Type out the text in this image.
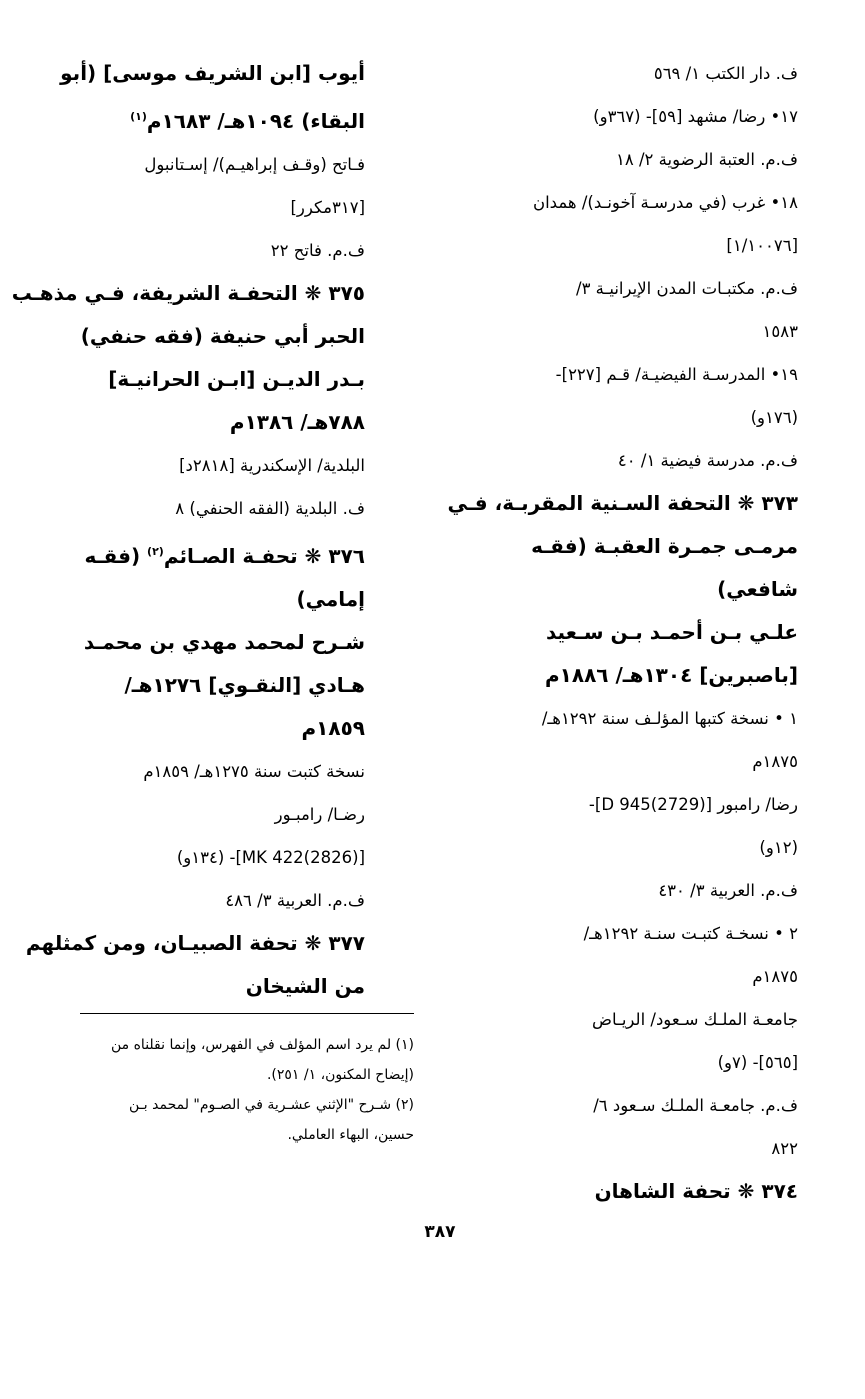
ف. دار الكتب ١/ ٥٦٩
١٧• رضا/ مشهد [٥٩]- (٣٦٧و)
ف.م. العتبة الرضوية ٢/ ١٨
١٨• غرب (في مدرسـة آخونـد)/ همدان
[١/١٠٠٧٦]
ف.م. مكتبـات المدن الإيرانيـة ٣/
١٥٨٣
١٩• المدرسـة الفيضيـة/ قـم [٢٢٧]-
(١٧٦و)
ف.م. مدرسة فيضية ١/ ٤٠
٣٧٣ ❋ التحفة السـنية المقربـة، فـي
مرمـى جمـرة العقبـة (فقـه
شافعي)
علـي بـن أحمـد بـن سـعيد
[باصبرين] ١٣٠٤هـ/ ١٨٨٦م
١ • نسخة كتبها المؤلـف سنة ١٢٩٢هـ/
١٨٧٥م
رضا/ رامبور [D 945(2729)]-
(١٢و)
ف.م. العربية ٣/ ٤٣٠
٢ • نسخـة كتبـت سنـة ١٢٩٢هـ/
١٨٧٥م
جامعـة الملـك سـعود/ الريـاض
[٥٦٥]- (٧و)
ف.م. جامعـة الملـك سـعود ٦/
٨٢٢
٣٧٤ ❋ تحفة الشاهان
أيوب [ابن الشريف موسى] (أبو
البقاء) ١٠٩٤هـ/ ١٦٨٣م$^{(١)}$
فـاتح (وقـف إبراهيـم)/ إسـتانبول
[٣١٧مكرر]
ف.م. فاتح ٢٢
٣٧٥ ❋ التحفـة الشريفة، فـي مذهـب
الحبر أبي حنيفة (فقه حنفي)
بـدر الديـن [ابـن الحرانيـة]
٧٨٨هـ/ ١٣٨٦م
البلدية/ الإسكندرية [٢٨١٨د]
ف. البلدية (الفقه الحنفي) ٨
٣٧٦ ❋ تحفـة الصـائم$^{(٢)}$ (فقـه
إمامي)
شـرح لمحمد مهدي بن محمـد
هـادي [النقـوي] ١٢٧٦هـ/
١٨٥٩م
نسخة كتبت سنة ١٢٧٥هـ/ ١٨٥٩م
رضـا/ رامبـور
[MK 422(2826)]- (١٣٤و)
ف.م. العربية ٣/ ٤٨٦
٣٧٧ ❋ تحفة الصبيـان، ومن كمثلهم
من الشيخان
(١) لم يرد اسم المؤلف في الفهرس، وإنما نقلناه من
(إيضاح المكنون، ١/ ٢٥١).
(٢) شـرح "الإثني عشـرية في الصـوم" لمحمد بـن
حسين، البهاء العاملي.
٣٨٧
